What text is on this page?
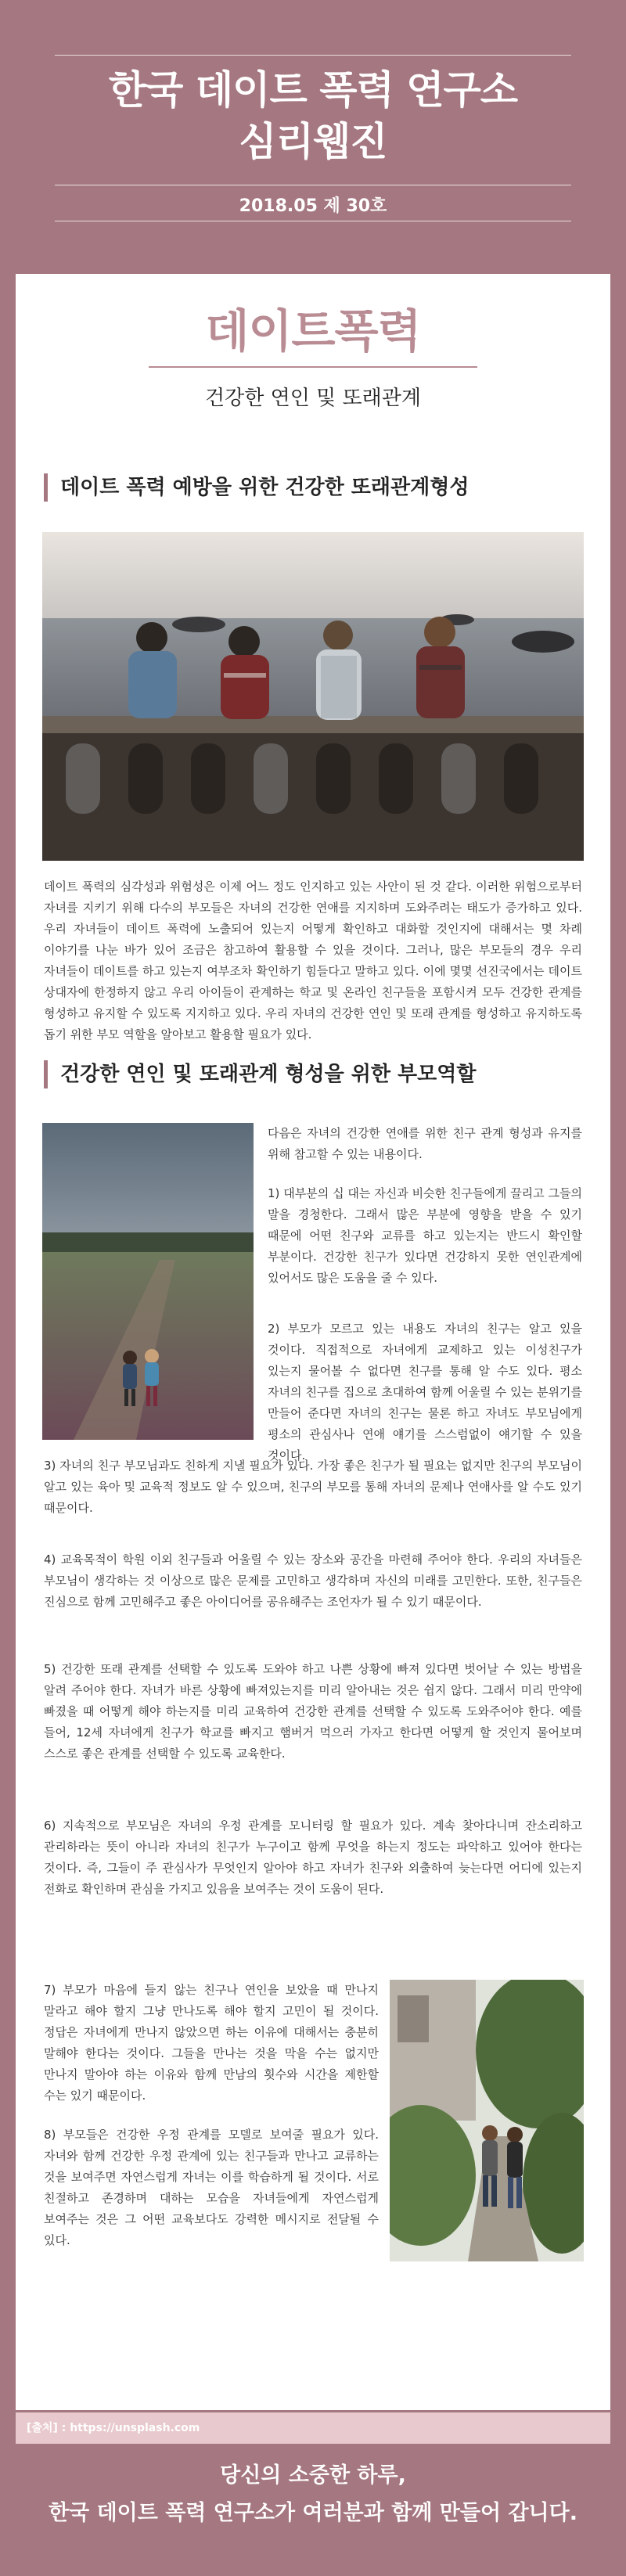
한국 데이트 폭력 연구소
심리웹진
2018.05 제 30호
데이트폭력
건강한 연인 및 또래관계
데이트 폭력 예방을 위한 건강한 또래관계형성
데이트 폭력의 심각성과 위험성은 이제 어느 정도 인지하고 있는 사안이 된 것 같다. 이러한 위험으로부터 자녀를 지키기 위해 다수의 부모들은 자녀의 건강한 연애를 지지하며 도와주려는 태도가 증가하고 있다. 우리 자녀들이 데이트 폭력에 노출되어 있는지 어떻게 확인하고 대화할 것인지에 대해서는 몇 차례 이야기를 나눈 바가 있어 조금은 참고하여 활용할 수 있을 것이다. 그러나, 많은 부모들의 경우 우리 자녀들이 데이트를 하고 있는지 여부조차 확인하기 힘들다고 말하고 있다. 이에 몇몇 선진국에서는 데이트 상대자에 한정하지 않고 우리 아이들이 관계하는 학교 및 온라인 친구들을 포함시켜 모두 건강한 관계를 형성하고 유지할 수 있도록 지지하고 있다. 우리 자녀의 건강한 연인 및 또래 관계를 형성하고 유지하도록 돕기 위한 부모 역할을 알아보고 활용할 필요가 있다.
건강한 연인 및 또래관계 형성을 위한 부모역할
다음은 자녀의 건강한 연애를 위한 친구 관계 형성과 유지를 위해 참고할 수 있는 내용이다.
1) 대부분의 십 대는 자신과 비슷한 친구들에게 끌리고 그들의 말을 경청한다. 그래서 많은 부분에 영향을 받을 수 있기 때문에 어떤 친구와 교류를 하고 있는지는 반드시 확인할 부분이다. 건강한 친구가 있다면 건강하지 못한 연인관계에 있어서도 많은 도움을 줄 수 있다.
2) 부모가 모르고 있는 내용도 자녀의 친구는 알고 있을 것이다. 직접적으로 자녀에게 교제하고 있는 이성친구가 있는지 물어볼 수 없다면 친구를 통해 알 수도 있다. 평소 자녀의 친구를 집으로 초대하여 함께 어울릴 수 있는 분위기를 만들어 준다면 자녀의 친구는 물론 하고 자녀도 부모님에게 평소의 관심사나 연애 얘기를 스스럼없이 얘기할 수 있을 것이다.
3) 자녀의 친구 부모님과도 친하게 지낼 필요가 있다. 가장 좋은 친구가 될 필요는 없지만 친구의 부모님이 알고 있는 육아 및 교육적 정보도 알 수 있으며, 친구의 부모를 통해 자녀의 문제나 연애사를 알 수도 있기 때문이다.
4) 교육목적이 학원 이외 친구들과 어울릴 수 있는 장소와 공간을 마련해 주어야 한다. 우리의 자녀들은 부모님이 생각하는 것 이상으로 많은 문제를 고민하고 생각하며 자신의 미래를 고민한다. 또한, 친구들은 진심으로 함께 고민해주고 좋은 아이디어를 공유해주는 조언자가 될 수 있기 때문이다.
5) 건강한 또래 관계를 선택할 수 있도록 도와야 하고 나쁜 상황에 빠져 있다면 벗어날 수 있는 방법을 알려 주어야 한다. 자녀가 바른 상황에 빠져있는지를 미리 알아내는 것은 쉽지 않다. 그래서 미리 만약에 빠졌을 때 어떻게 해야 하는지를 미리 교육하여 건강한 관계를 선택할 수 있도록 도와주어야 한다. 예를 들어, 12세 자녀에게 친구가 학교를 빠지고 햄버거 먹으러 가자고 한다면 어떻게 할 것인지 물어보며 스스로 좋은 관계를 선택할 수 있도록 교육한다.
6) 지속적으로 부모님은 자녀의 우정 관계를 모니터링 할 필요가 있다. 계속 찾아다니며 잔소리하고 관리하라는 뜻이 아니라 자녀의 친구가 누구이고 함께 무엇을 하는지 정도는 파악하고 있어야 한다는 것이다. 즉, 그들이 주 관심사가 무엇인지 알아야 하고 자녀가 친구와 외출하여 늦는다면 어디에 있는지 전화로 확인하며 관심을 가지고 있음을 보여주는 것이 도움이 된다.
7) 부모가 마음에 들지 않는 친구나 연인을 보았을 때 만나지 말라고 해야 할지 그냥 만나도록 해야 할지 고민이 될 것이다. 정답은 자녀에게 만나지 않았으면 하는 이유에 대해서는 충분히 말해야 한다는 것이다. 그들을 만나는 것을 막을 수는 없지만 만나지 말아야 하는 이유와 함께 만남의 횟수와 시간을 제한할 수는 있기 때문이다.
8) 부모들은 건강한 우정 관계를 모델로 보여줄 필요가 있다. 자녀와 함께 건강한 우정 관계에 있는 친구들과 만나고 교류하는 것을 보여주면 자연스럽게 자녀는 이를 학습하게 될 것이다. 서로 친절하고 존경하며 대하는 모습을 자녀들에게 자연스럽게 보여주는 것은 그 어떤 교육보다도 강력한 메시지로 전달될 수 있다.
[출처] : https://unsplash.com
당신의 소중한 하루,
한국 데이트 폭력 연구소가 여러분과 함께 만들어 갑니다.
